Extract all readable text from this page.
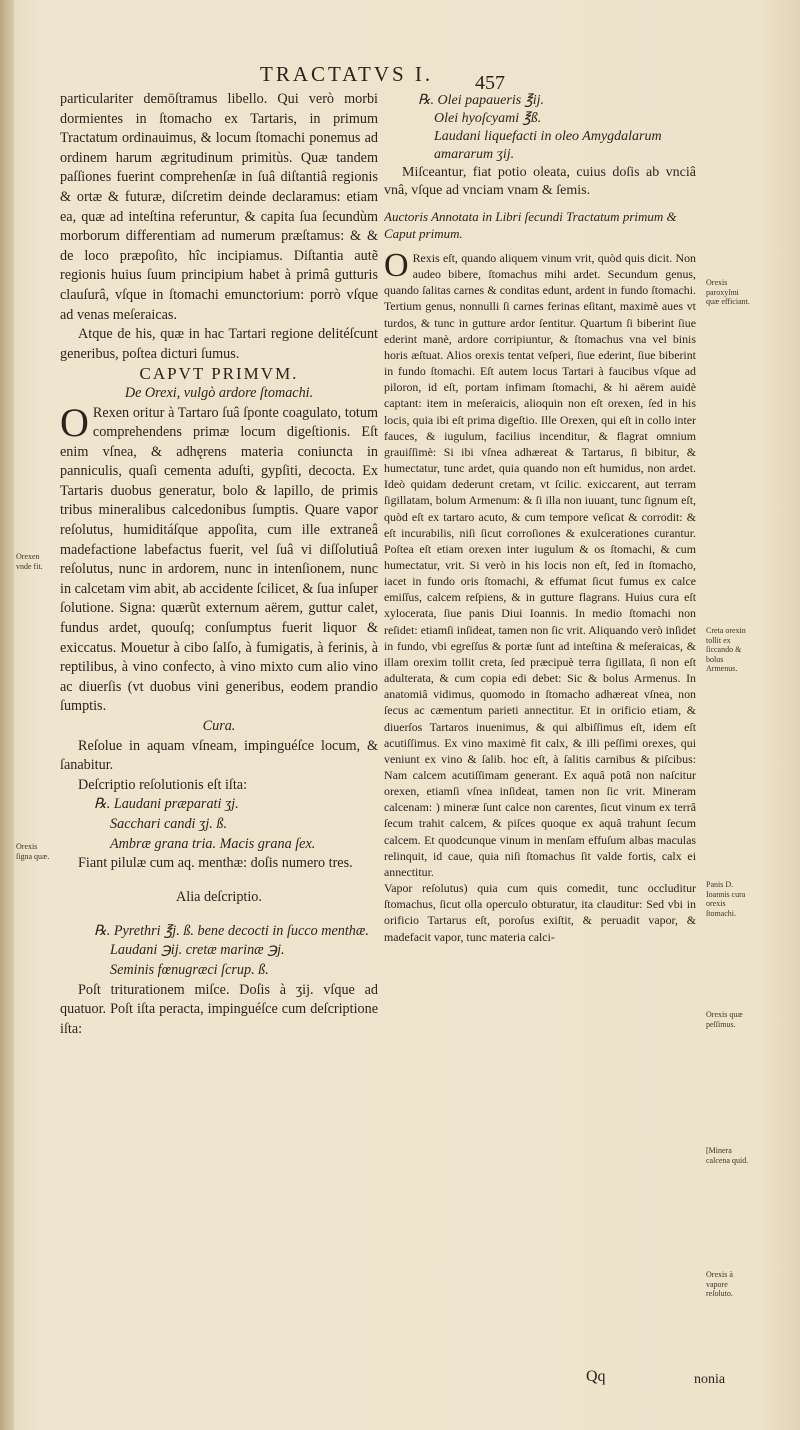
TRACTATVS I. 457

particulariter demōſtramus libello. Qui verò morbi dormientes in ſtomacho ex Tartaris, in primum Tractatum ordinauimus, & locum ſtomachi ponemus ad ordinem harum ægritudinum primitùs. Quæ tandem paſſiones fuerint comprehenſæ in ſuâ diſtantiâ regionis & ortæ & futuræ, diſcretim deinde declaramus: etiam ea, quæ ad inteſtina referuntur, & capita ſua ſecundùm morborum differentiam ad numerum præſtamus: & & de loco præpoſito, hîc incipiamus. Diſtantia autẽ regionis huius ſuum principium habet à primâ gutturis clauſurâ, vſque in ſtomachi emunctorium: porrò vſque ad venas meſeraicas.

Atque de his, quæ in hac Tartari regione delitéſcunt generibus, poſtea dicturi ſumus.

CAPVT PRIMVM.

De Orexi, vulgò ardore ſtomachi.

O Rexen oritur à Tartaro ſuâ ſponte coagulato, totum comprehendens primæ locum digeſtionis. Eſt enim vſnea, & adhęrens materia coniuncta in panniculis, quaſi cementa aduſti, gypſiti, decocta. Ex Tartaris duobus generatur, bolo & lapillo, de primis tribus mineralibus calcedonibus ſumptis. Quare vapor reſolutus, humiditáſque appoſita, cum ille extraneâ madefactione labefactus fuerit, vel ſuâ vi diſſolutiuâ reſolutus, nunc in ardorem, nunc in intenſionem, nunc in calcetam vim abit, ab accidente ſcilicet, & ſua inſuper ſolutione. Signa: quærũt externum aërem, guttur calet, fundus ardet, quouſq; conſumptus fuerit liquor & exiccatus. Mouetur à cibo ſalſo, à fumigatis, à ferinis, à reptilibus, à vino confecto, à vino mixto cum alio vino ac diuerſis (vt duobus vini generibus, eodem prandio ſumptis.

Cura.

Reſolue in aquam vſneam, impinguéſce locum, & ſanabitur.

Deſcriptio reſolutionis eſt iſta:

℞. Laudani præparati ʒj.

Sacchari candi ʒj. ß.

Ambræ grana tria. Macis grana ſex.

Fiant pilulæ cum aq. menthæ: doſis numero tres.

Alia deſcriptio.

℞. Pyrethri ℥j. ß. bene decocti in ſucco menthæ.

Laudani ℈ij. cretæ marinæ ℈j.

Seminis fœnugræci ſcrup. ß.

Poſt triturationem miſce. Doſis à ʒij. vſque ad quatuor. Poſt iſta peracta, impinguéſce cum deſcriptione iſta:

℞. Olei papaueris ℥ij.

Olei hyoſcyami ℥ß.

Laudani liquefacti in oleo Amygdalarum amararum ʒij.

Miſceantur, fiat potio oleata, cuius doſis ab vnciâ vnâ, vſque ad vnciam vnam & ſemis.

Auctoris Annotata in Libri ſecundi Tractatum primum & Caput primum.

O Rexis eſt, quando aliquem vinum vrit, quòd quis dicit. Non audeo bibere, ſtomachus mihi ardet. Secundum genus, quando ſalitas carnes & conditas edunt, ardent in fundo ſtomachi. Tertium genus, nonnulli ſi carnes ferinas eſitant, maximè aues vt turdos, & tunc in gutture ardor ſentitur. Quartum ſi biberint ſiue ederint manè, ardore corripiuntur, & ſtomachus vna vel binis horis æſtuat. Alios orexis tentat veſperi, ſiue ederint, ſiue biberint in fundo ſtomachi. Eſt autem locus Tartari à faucibus vſque ad piloron, id eſt, portam infimam ſtomachi, & hi aërem auidè captant: item in meſeraicis, alioquin non eſt orexen, ſed in his locis, quia ibi eſt prima digeſtio. Ille Orexen, qui eſt in collo inter fauces, & iugulum, facilius incenditur, & flagrat omnium grauiſſimè: Si ibi vſnea adhæreat & Tartarus, ſi bibitur, & humectatur, tunc ardet, quia quando non eſt humidus, non ardet. Ideò quidam dederunt cretam, vt ſcilic. exiccarent, aut terram ſigillatam, bolum Armenum: & ſi illa non iuuant, tunc ſignum eſt, quòd eſt ex tartaro acuto, & cum tempore veſicat & corrodit: & eſt incurabilis, niſi ſicut corroſiones & exulcerationes curantur. Poſtea eſt etiam orexen inter iugulum & os ſtomachi, & cum humectatur, vrit. Si verò in his locis non eſt, ſed in ſtomacho, iacet in fundo oris ſtomachi, & effumat ſicut fumus ex calce emiſſus, calcem reſpiens, & in gutture flagrans. Huius cura eſt xylocerata, ſiue panis Diui Ioannis. In medio ſtomachi non reſidet: etiamſi inſideat, tamen non ſic vrit. Aliquando verò inſidet in fundo, vbi egreſſus & portæ ſunt ad inteſtina & meſeraicas, & illam orexim tollit creta, ſed præcipuè terra ſigillata, ſi non eſt adulterata, & cum copia edi debet: Sic & bolus Armenus. In anatomiâ vidimus, quomodo in ſtomacho adhæreat vſnea, non ſecus ac cæmentum parieti annectitur. Et in orificio etiam, & diuerſos Tartaros inuenimus, & qui albiſſimus eſt, idem eſt acutiſſimus. Ex vino maximè fit calx, & illi peſſimi orexes, qui veniunt ex vino & ſalib. hoc eſt, à ſalitis carnibus & piſcibus: Nam calcem acutiſſimam generant. Ex aquâ potâ non naſcitur orexen, etiamſi vſnea inſideat, tamen non ſic vrit. Mineram calcenam: ) mineræ ſunt calce non carentes, ſicut vinum ex terrâ ſecum trahit calcem, & piſces quoque ex aquâ trahunt ſecum calcem. Et quodcunque vinum in menſam effuſum albas maculas relinquit, id caue, quia niſi ſtomachus ſit valde fortis, calx ei annectitur.

Vapor reſolutus) quia cum quis comedit, tunc occluditur ſtomachus, ſicut olla operculo obturatur, ita clauditur: Sed vbi in orificio Tartarus eſt, poroſus exiſtit, & peruadit vapor, & madefacit vapor, tunc materia calci-

Qq	nonia
Orexen vnde fit.
Orexis ſigna quæ.
Orexis paroxyſmi quæ efficiant.
Creta orexin tollit ex ſiccando & bolus Armenus.
Panis D. Ioannis cura orexis ſtomachi.
Orexis quæ peſſimus.
[Minera calcena quid.
Orexis à vapore reſoluto.
